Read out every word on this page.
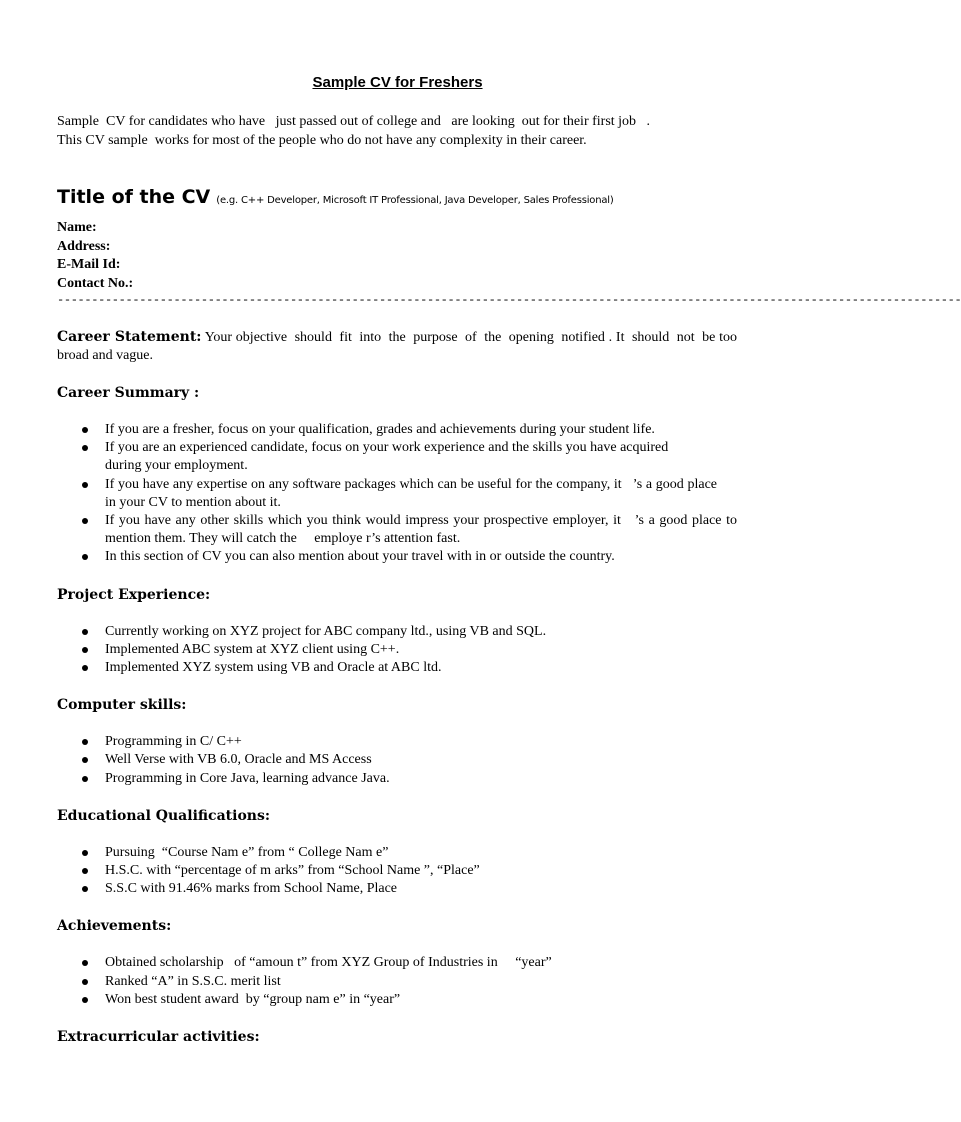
Sample CV for Freshers
Sample  CV for candidates who have   just passed out of college and   are looking  out for their first job   .
This CV sample  works for most of the people who do not have any complexity in their career.
Title of the CV (e.g. C++ Developer, Microsoft IT Professional, Java Developer, Sales Professional)
Name:
Address:
E-Mail Id:
Contact No.:
------------------------------------------------------------------------------------------------------------------------------------
Career Statement: Your objective  should  fit  into  the  purpose  of  the  opening  notified . It  should  not  be too broad and vague.
Career Summary :
If you are a fresher, focus on your qualification, grades and achievements during your student life.
If you are an experienced candidate, focus on your work experience and the skills you have acquired during your employment.
If you have any expertise on any software packages which can be useful for the company, it   ’s a good place in your CV to mention about it.
If you have any other skills which you think would impress your prospective employer, it   ’s a good place to mention them. They will catch the     employe r’s attention fast.
In this section of CV you can also mention about your travel with in or outside the country.
Project Experience:
Currently working on XYZ project for ABC company ltd., using VB and SQL.
Implemented ABC system at XYZ client using C++.
Implemented XYZ system using VB and Oracle at ABC ltd.
Computer skills:
Programming in C/ C++
Well Verse with VB 6.0, Oracle and MS Access
Programming in Core Java, learning advance Java.
Educational Qualifications:
Pursuing  “Course Nam e” from “ College Nam e”
H.S.C. with “percentage of m arks” from “School Name ”, “Place”
S.S.C with 91.46% marks from School Name, Place
Achievements:
Obtained scholarship   of “amoun t” from XYZ Group of Industries in     “year”
Ranked “A” in S.S.C. merit list
Won best student award  by “group nam e” in “year”
Extracurricular activities:
